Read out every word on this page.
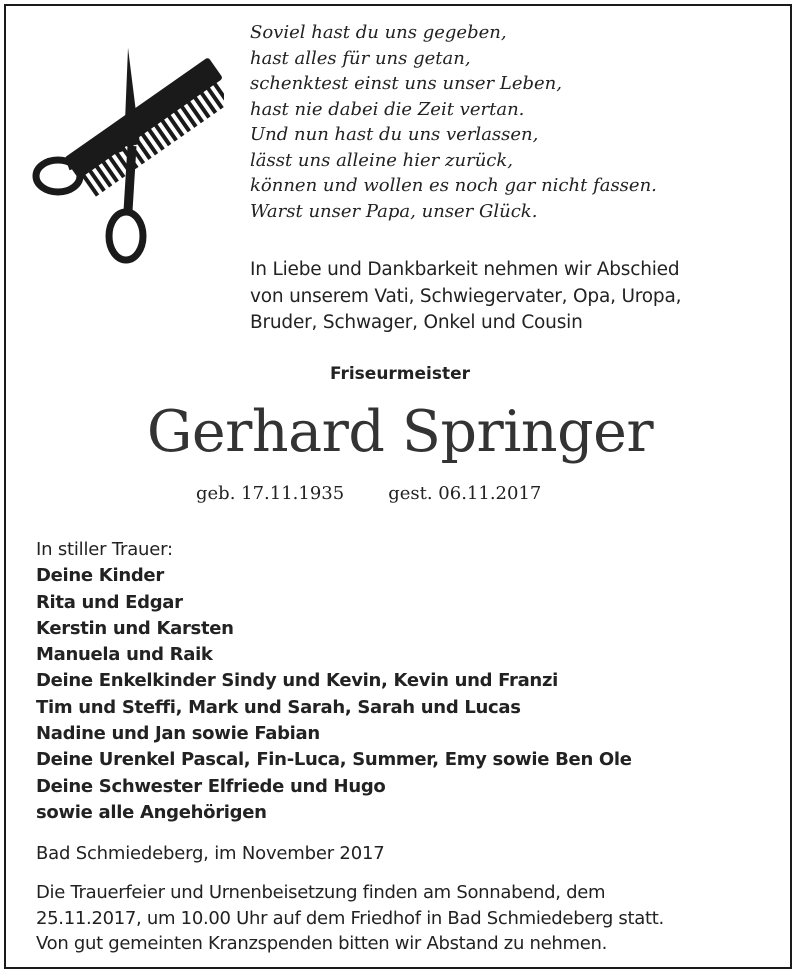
Soviel hast du uns gegeben,
hast alles für uns getan,
schenktest einst uns unser Leben,
hast nie dabei die Zeit vertan.
Und nun hast du uns verlassen,
lässt uns alleine hier zurück,
können und wollen es noch gar nicht fassen.
Warst unser Papa, unser Glück.
In Liebe und Dankbarkeit nehmen wir Abschied
von unserem Vati, Schwiegervater, Opa, Uropa,
Bruder, Schwager, Onkel und Cousin
Friseurmeister
Gerhard Springer
geb. 17.11.1935 gest. 06.11.2017
In stiller Trauer:
Deine Kinder
Rita und Edgar
Kerstin und Karsten
Manuela und Raik
Deine Enkelkinder Sindy und Kevin, Kevin und Franzi
Tim und Steffi, Mark und Sarah, Sarah und Lucas
Nadine und Jan sowie Fabian
Deine Urenkel Pascal, Fin-Luca, Summer, Emy sowie Ben Ole
Deine Schwester Elfriede und Hugo
sowie alle Angehörigen
Bad Schmiedeberg, im November 2017
Die Trauerfeier und Urnenbeisetzung finden am Sonnabend, dem
25.11.2017, um 10.00 Uhr auf dem Friedhof in Bad Schmiedeberg statt.
Von gut gemeinten Kranzspenden bitten wir Abstand zu nehmen.
